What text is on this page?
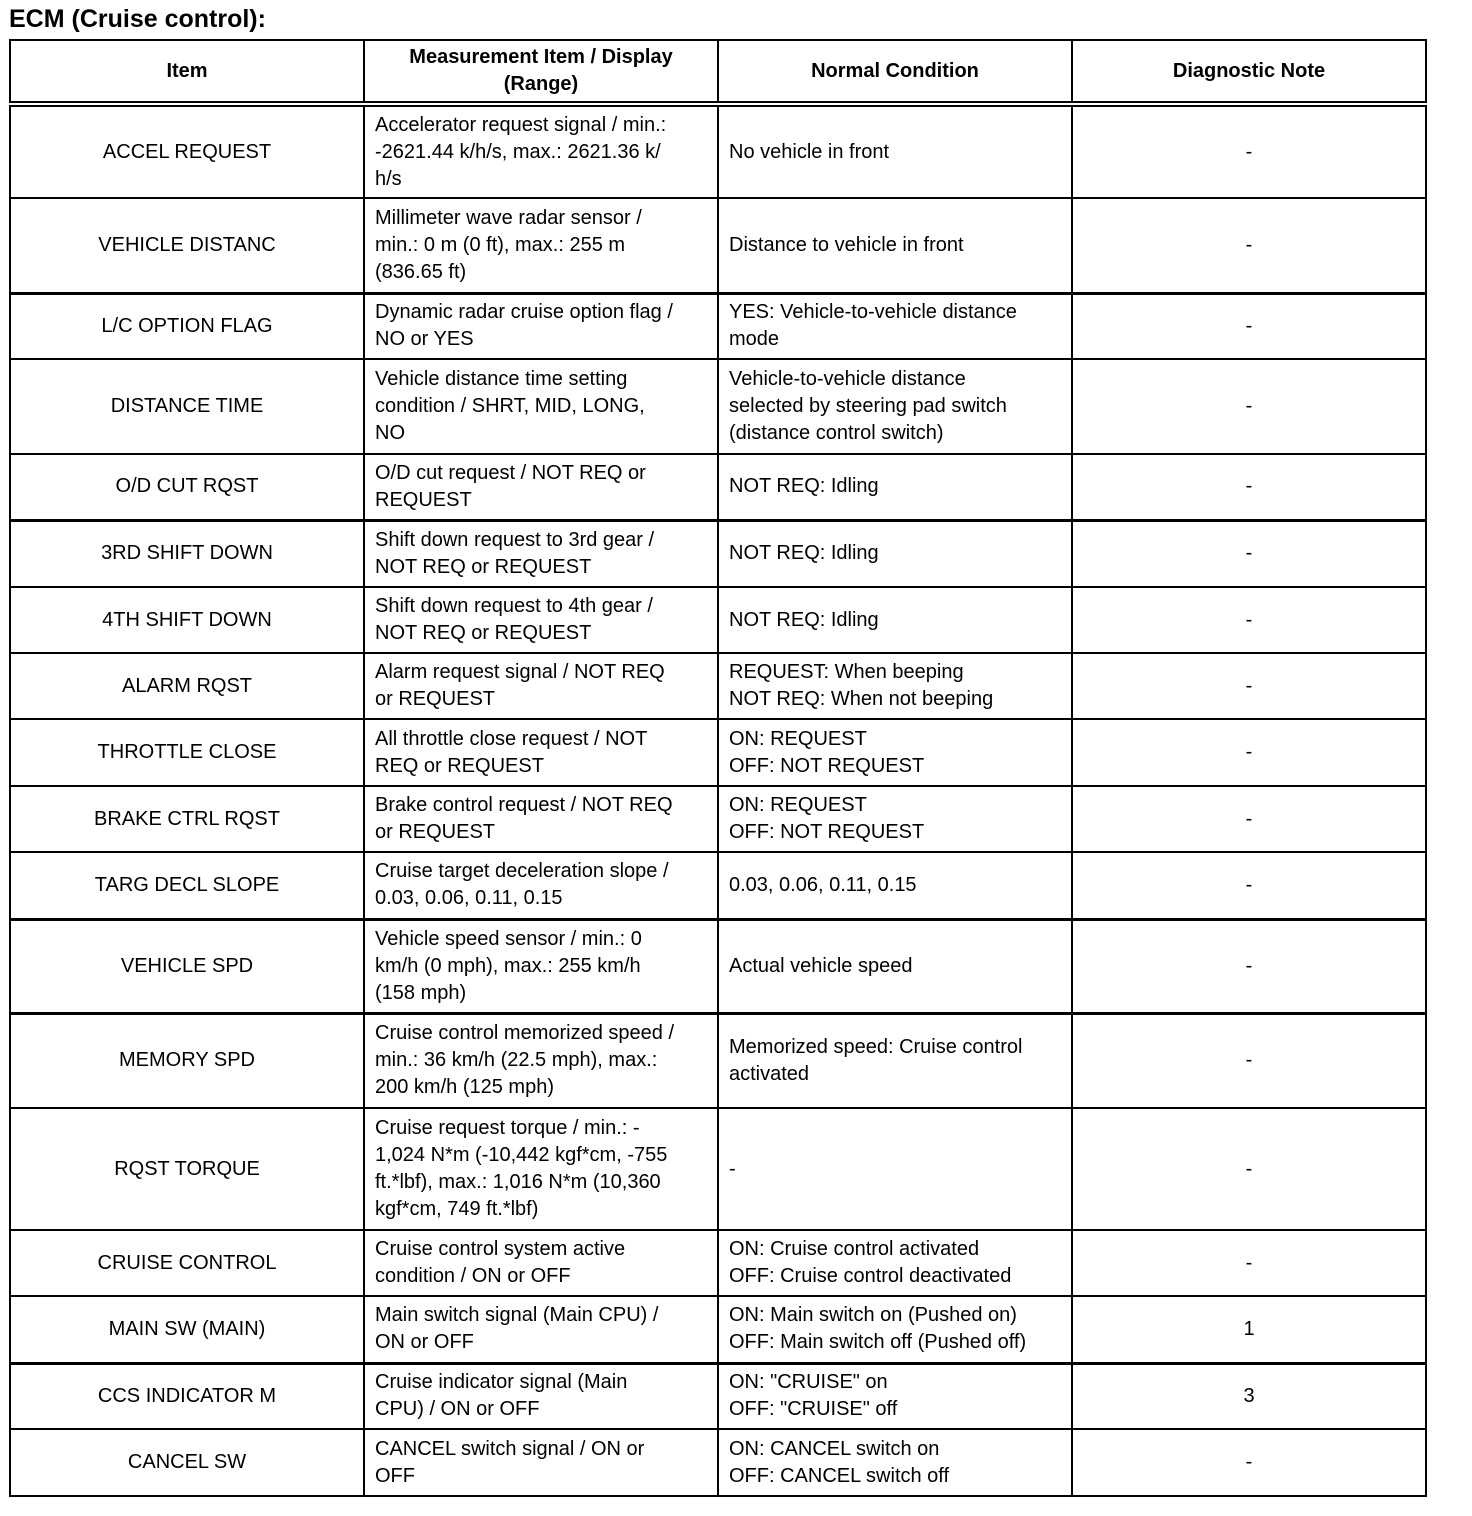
ECM (Cruise control):
Item	Measurement Item / Display (Range)	Normal Condition	Diagnostic Note
ACCEL REQUEST	Accelerator request signal / min.:
-2621.44 k/h/s, max.: 2621.36 k/
h/s	No vehicle in front	-
VEHICLE DISTANC	Millimeter wave radar sensor /
min.: 0 m (0 ft), max.: 255 m
(836.65 ft)	Distance to vehicle in front	-
L/C OPTION FLAG	Dynamic radar cruise option flag /
NO or YES	YES: Vehicle-to-vehicle distance
mode	-
DISTANCE TIME	Vehicle distance time setting
condition / SHRT, MID, LONG,
NO	Vehicle-to-vehicle distance
selected by steering pad switch
(distance control switch)	-
O/D CUT RQST	O/D cut request / NOT REQ or
REQUEST	NOT REQ: Idling	-
3RD SHIFT DOWN	Shift down request to 3rd gear /
NOT REQ or REQUEST	NOT REQ: Idling	-
4TH SHIFT DOWN	Shift down request to 4th gear /
NOT REQ or REQUEST	NOT REQ: Idling	-
ALARM RQST	Alarm request signal / NOT REQ
or REQUEST	REQUEST: When beeping
NOT REQ: When not beeping	-
THROTTLE CLOSE	All throttle close request / NOT
REQ or REQUEST	ON: REQUEST
OFF: NOT REQUEST	-
BRAKE CTRL RQST	Brake control request / NOT REQ
or REQUEST	ON: REQUEST
OFF: NOT REQUEST	-
TARG DECL SLOPE	Cruise target deceleration slope /
0.03, 0.06, 0.11, 0.15	0.03, 0.06, 0.11, 0.15	-
VEHICLE SPD	Vehicle speed sensor / min.: 0
km/h (0 mph), max.: 255 km/h
(158 mph)	Actual vehicle speed	-
MEMORY SPD	Cruise control memorized speed /
min.: 36 km/h (22.5 mph), max.:
200 km/h (125 mph)	Memorized speed: Cruise control
activated	-
RQST TORQUE	Cruise request torque / min.: -
1,024 N*m (-10,442 kgf*cm, -755
ft.*lbf), max.: 1,016 N*m (10,360
kgf*cm, 749 ft.*lbf)	-	-
CRUISE CONTROL	Cruise control system active
condition / ON or OFF	ON: Cruise control activated
OFF: Cruise control deactivated	-
MAIN SW (MAIN)	Main switch signal (Main CPU) /
ON or OFF	ON: Main switch on (Pushed on)
OFF: Main switch off (Pushed off)	1
CCS INDICATOR M	Cruise indicator signal (Main
CPU) / ON or OFF	ON: "CRUISE" on
OFF: "CRUISE" off	3
CANCEL SW	CANCEL switch signal / ON or
OFF	ON: CANCEL switch on
OFF: CANCEL switch off	-
